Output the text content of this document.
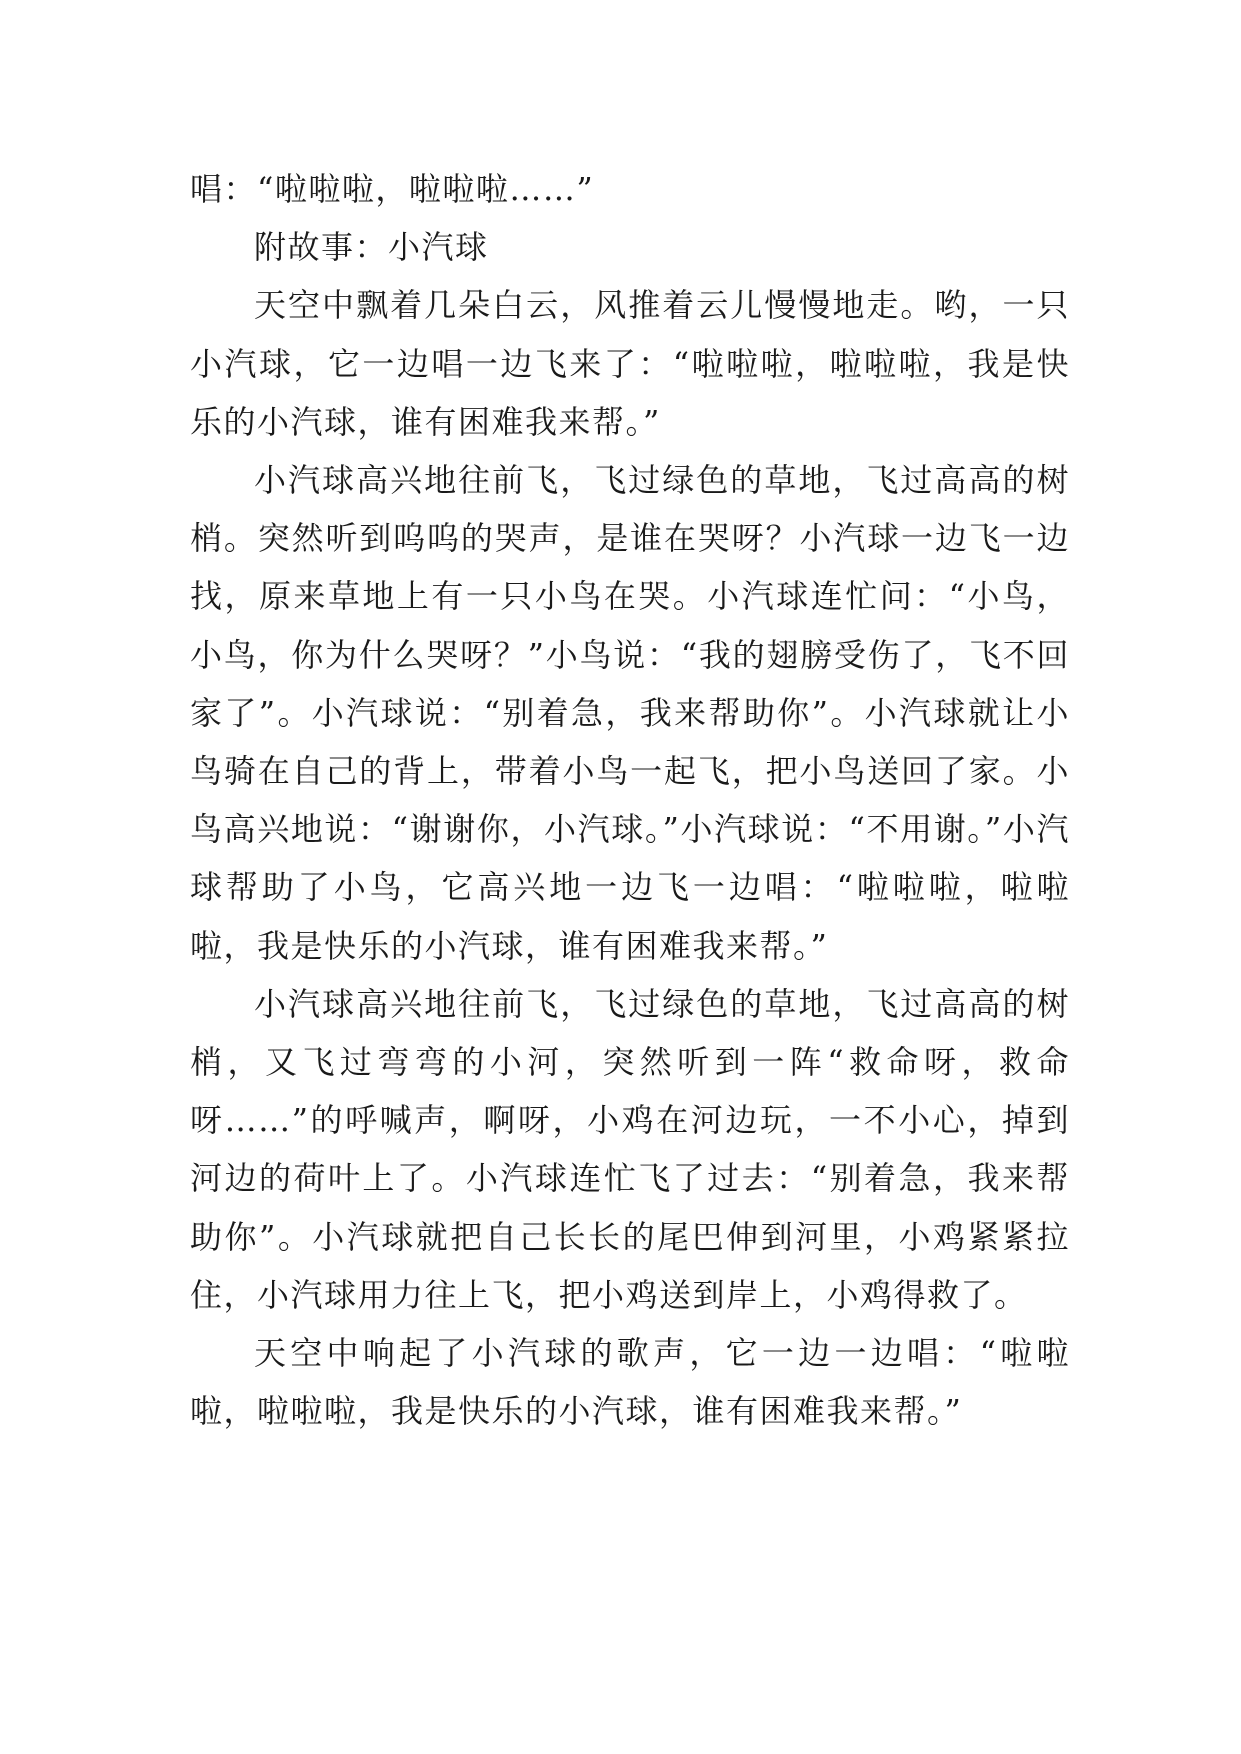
唱：“啦啦啦，啦啦啦……”

附故事：小汽球

天空中飘着几朵白云，风推着云儿慢慢地走。哟，一只小汽球，它一边唱一边飞来了：“啦啦啦，啦啦啦，我是快乐的小汽球，谁有困难我来帮。”

小汽球高兴地往前飞，飞过绿色的草地，飞过高高的树梢。突然听到呜呜的哭声，是谁在哭呀？小汽球一边飞一边找，原来草地上有一只小鸟在哭。小汽球连忙问：“小鸟，小鸟，你为什么哭呀？”小鸟说：“我的翅膀受伤了，飞不回家了”。小汽球说：“别着急，我来帮助你”。小汽球就让小鸟骑在自己的背上，带着小鸟一起飞，把小鸟送回了家。小鸟高兴地说：“谢谢你，小汽球。”小汽球说：“不用谢。”小汽球帮助了小鸟，它高兴地一边飞一边唱：“啦啦啦，啦啦啦，我是快乐的小汽球，谁有困难我来帮。”

小汽球高兴地往前飞，飞过绿色的草地，飞过高高的树梢，又飞过弯弯的小河，突然听到一阵“救命呀，救命呀……”的呼喊声，啊呀，小鸡在河边玩，一不小心，掉到河边的荷叶上了。小汽球连忙飞了过去：“别着急，我来帮助你”。小汽球就把自己长长的尾巴伸到河里，小鸡紧紧拉住，小汽球用力往上飞，把小鸡送到岸上，小鸡得救了。

天空中响起了小汽球的歌声，它一边一边唱：“啦啦啦，啦啦啦，我是快乐的小汽球，谁有困难我来帮。”
